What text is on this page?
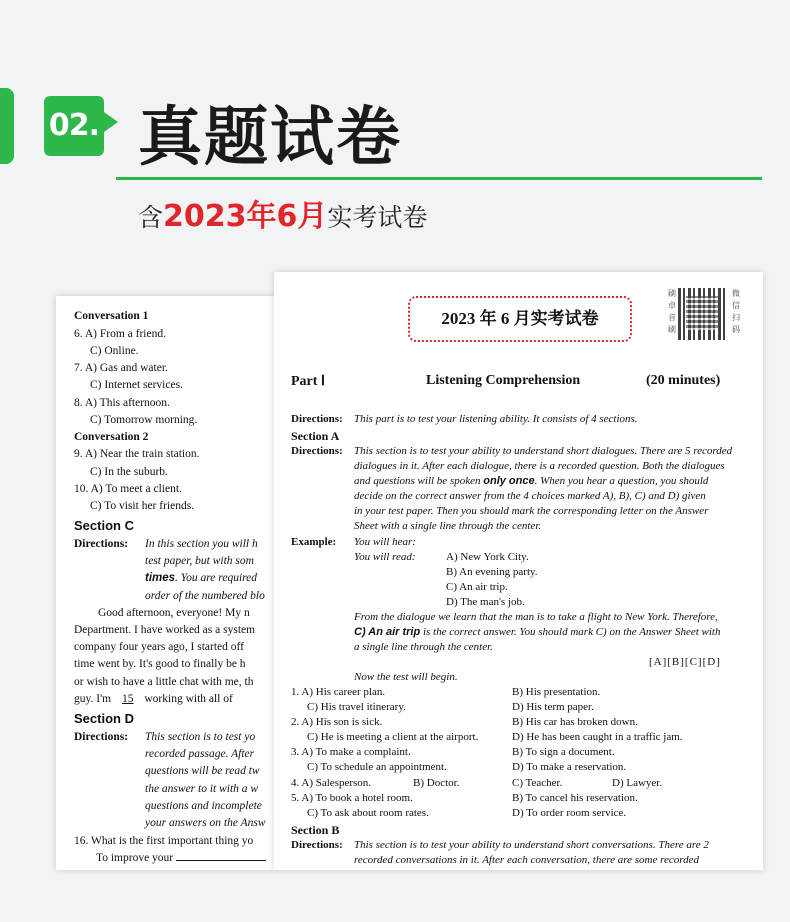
02. 真题试卷
含2023年6月实考试卷
Conversation 1
6. A) From a friend.
C) Online.
7. A) Gas and water.
C) Internet services.
8. A) This afternoon.
C) Tomorrow morning.
Conversation 2
9. A) Near the train station.
C) In the suburb.
10. A) To meet a client.
C) To visit her friends.
Section C
Directions: In this section you will h
test paper, but with som
times. You are required
order of the numbered blo
Good afternoon, everyone! My n
Department. I have worked as a system
company four years ago, I started off
time went by. It's good to finally be h
or wish to have a little chat with me, th
guy. I'm 15 working with all of
Section D
Directions: This section is to test yo
recorded passage. After
questions will be read tw
the answer to it with a w
questions and incomplete
your answers on the Answ
16. What is the first important thing yo
To improve your
2023 年 6 月实考试卷
刷
卓
音
刷
微
信
扫
码
Part Ⅰ	Listening Comprehension	(20 minutes)
Directions: This part is to test your listening ability. It consists of 4 sections.
Section A
Directions: This section is to test your ability to understand short dialogues. There are 5 recorded
dialogues in it. After each dialogue, there is a recorded question. Both the dialogues
and questions will be spoken only once. When you hear a question, you should
decide on the correct answer from the 4 choices marked A), B), C) and D) given
in your test paper. Then you should mark the corresponding letter on the Answer
Sheet with a single line through the center.
Example: You will hear:
You will read:	A) New York City.
B) An evening party.
C) An air trip.
D) The man's job.
From the dialogue we learn that the man is to take a flight to New York. Therefore,
C) An air trip is the correct answer. You should mark C) on the Answer Sheet with
a single line through the center.
[A][B][C][D]
Now the test will begin.
1. A) His career plan.	B) His presentation.
C) His travel itinerary.	D) His term paper.
2. A) His son is sick.	B) His car has broken down.
C) He is meeting a client at the airport.	D) He has been caught in a traffic jam.
3. A) To make a complaint.	B) To sign a document.
C) To schedule an appointment.	D) To make a reservation.
4. A) Salesperson.	B) Doctor.	C) Teacher.	D) Lawyer.
5. A) To book a hotel room.	B) To cancel his reservation.
C) To ask about room rates.	D) To order room service.
Section B
Directions: This section is to test your ability to understand short conversations. There are 2
recorded conversations in it. After each conversation, there are some recorded
